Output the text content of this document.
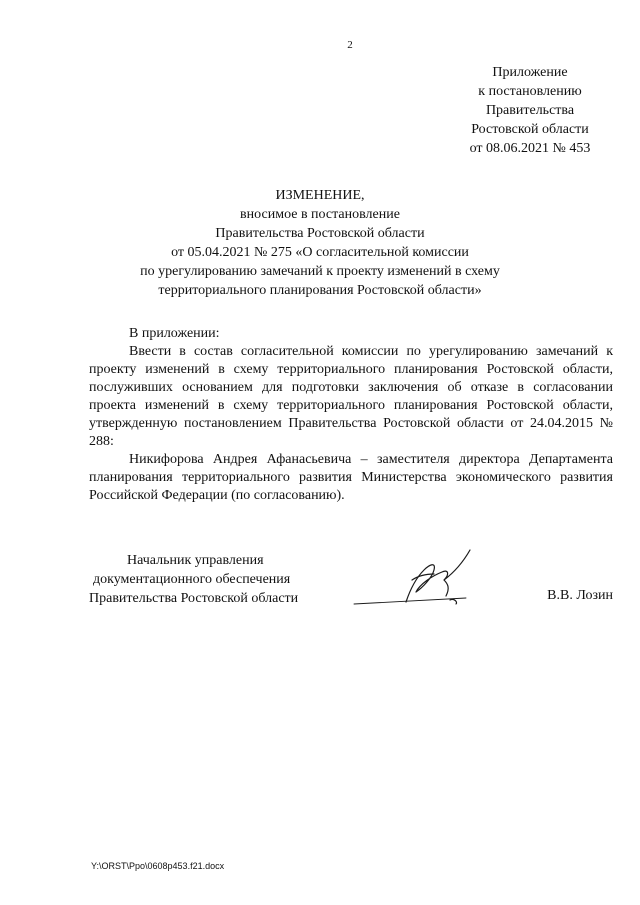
2
Приложение
к постановлению
Правительства
Ростовской области
от 08.06.2021 № 453
ИЗМЕНЕНИЕ,
вносимое в постановление
Правительства Ростовской области
от 05.04.2021 № 275 «О согласительной комиссии
по урегулированию замечаний к проекту изменений в схему
территориального планирования Ростовской области»
В приложении:

Ввести в состав согласительной комиссии по урегулированию замечаний к проекту изменений в схему территориального планирования Ростовской области, послуживших основанием для подготовки заключения об отказе в согласовании проекта изменений в схему территориального планирования Ростовской области, утвержденную постановлением Правительства Ростовской области от 24.04.2015 № 288:

Никифорова Андрея Афанасьевича – заместителя директора Департамента планирования территориального развития Министерства экономического развития Российской Федерации (по согласованию).

Начальник управления
документационного обеспечения
Правительства Ростовской области	В.В. Лозин
Y:\ORST\Ppo\0608p453.f21.docx
